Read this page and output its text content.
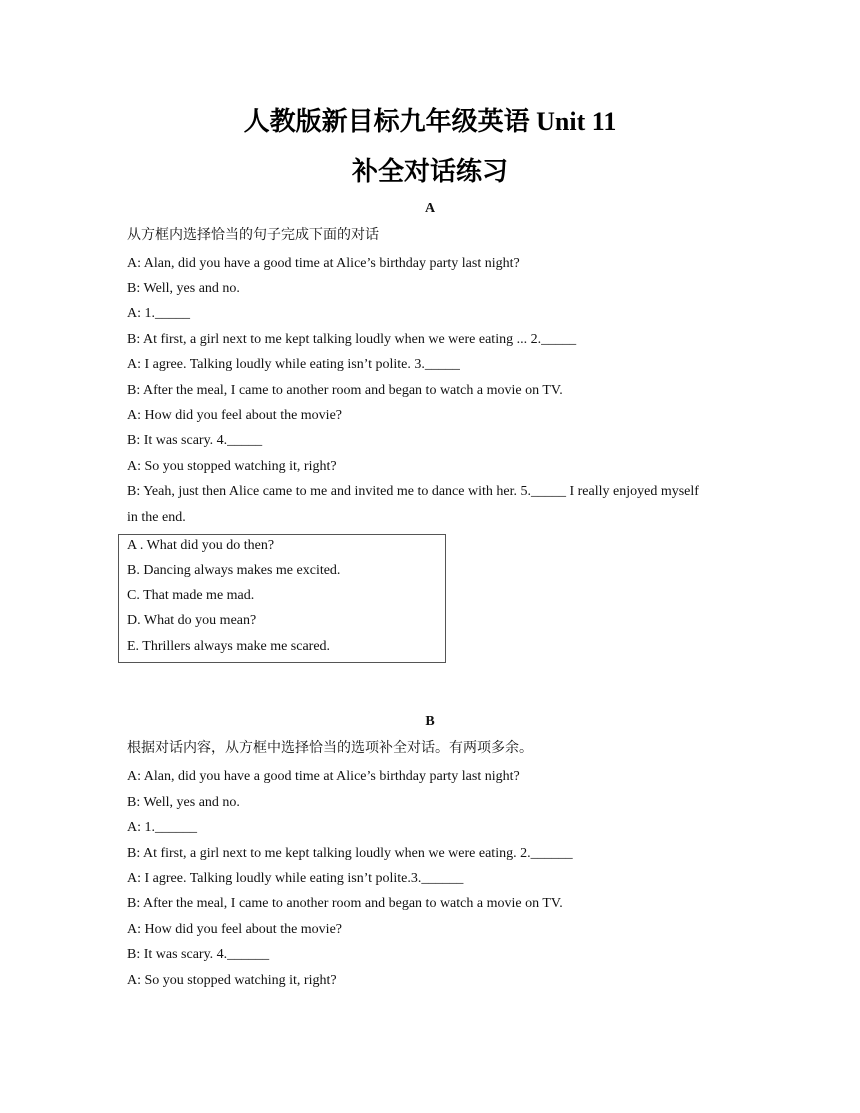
人教版新目标九年级英语 Unit 11
补全对话练习
A
从方框内选择恰当的句子完成下面的对话
A: Alan, did you have a good time at Alice’s birthday party last night?
B: Well, yes and no.
A: 1._____
B: At first, a girl next to me kept talking loudly when we were eating ... 2._____
A: I agree. Talking loudly while eating isn’t polite. 3._____
B: After the meal, I came to another room and began to watch a movie on TV.
A: How did you feel about the movie?
B: It was scary. 4._____
A: So you stopped watching it, right?
B: Yeah, just then Alice came to me and invited me to dance with her. 5._____ I really enjoyed myself
in the end.
A . What did you do then?
B. Dancing always makes me excited.
C. That made me mad.
D. What do you mean?
E. Thrillers always make me scared.
B
根据对话内容，从方框中选择恰当的选项补全对话。有两项多余。
A: Alan, did you have a good time at Alice’s birthday party last night?
B: Well, yes and no.
A: 1.______
B: At first, a girl next to me kept talking loudly when we were eating. 2.______
A: I agree. Talking loudly while eating isn’t polite.3.______
B: After the meal, I came to another room and began to watch a movie on TV.
A: How did you feel about the movie?
B: It was scary. 4.______
A: So you stopped watching it, right?
